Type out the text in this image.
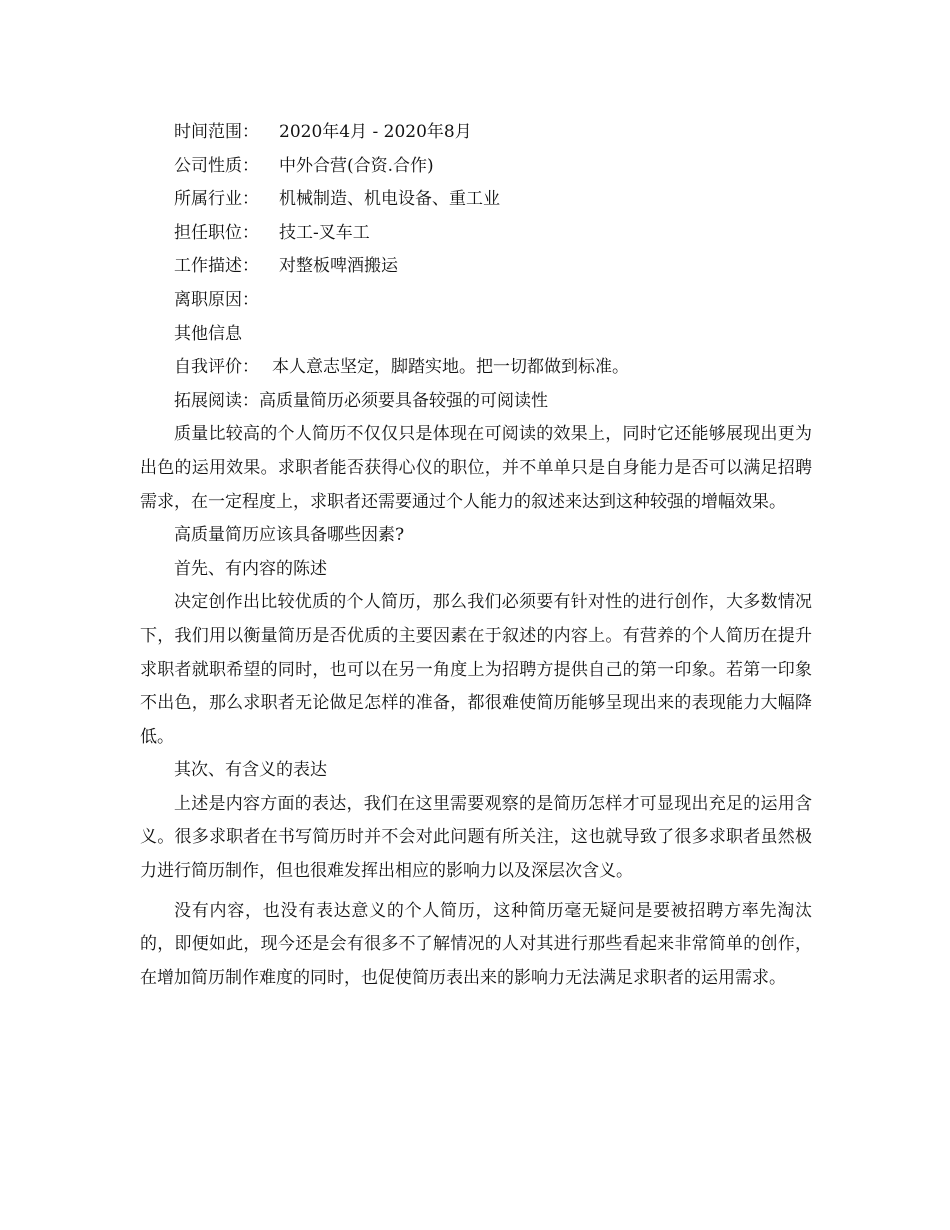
时间范围：	2020年4月 - 2020年8月
公司性质：	中外合营(合资.合作)
所属行业：	机械制造、机电设备、重工业
担任职位：	技工-叉车工
工作描述：	对整板啤酒搬运
离职原因：
其他信息
自我评价： 本人意志坚定，脚踏实地。把一切都做到标准。
拓展阅读：高质量简历必须要具备较强的可阅读性

质量比较高的个人简历不仅仅只是体现在可阅读的效果上，同时它还能够展现出更为出色的运用效果。求职者能否获得心仪的职位，并不单单只是自身能力是否可以满足招聘需求，在一定程度上，求职者还需要通过个人能力的叙述来达到这种较强的增幅效果。

高质量简历应该具备哪些因素?

首先、有内容的陈述

决定创作出比较优质的个人简历，那么我们必须要有针对性的进行创作，大多数情况下，我们用以衡量简历是否优质的主要因素在于叙述的内容上。有营养的个人简历在提升求职者就职希望的同时，也可以在另一角度上为招聘方提供自己的第一印象。若第一印象不出色，那么求职者无论做足怎样的准备，都很难使简历能够呈现出来的表现能力大幅降低。

其次、有含义的表达

上述是内容方面的表达，我们在这里需要观察的是简历怎样才可显现出充足的运用含义。很多求职者在书写简历时并不会对此问题有所关注，这也就导致了很多求职者虽然极力进行简历制作，但也很难发挥出相应的影响力以及深层次含义。

没有内容，也没有表达意义的个人简历，这种简历毫无疑问是要被招聘方率先淘汰的，即便如此，现今还是会有很多不了解情况的人对其进行那些看起来非常简单的创作，在增加简历制作难度的同时，也促使简历表出来的影响力无法满足求职者的运用需求。
